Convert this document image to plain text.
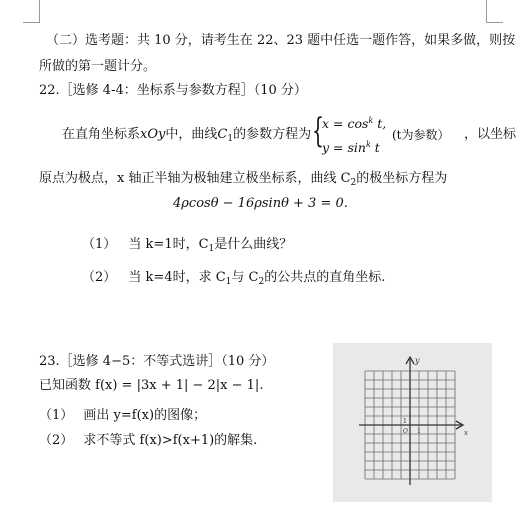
（二）选考题：共 10 分，请考生在 22、23 题中任选一题作答，如果多做，则按
所做的第一题计分。
22.［选修 4-4：坐标系与参数方程］（10 分）
在直角坐标系xOy中，曲线$C_1$的参数方程为 {
$x = \cos^k t$,
$y = \sin^k t$
(t为参数） ，以坐标
原点为极点，x 轴正半轴为极轴建立极坐标系，曲线 $C_2$的极坐标方程为
4ρcosθ − 16ρsinθ + 3 = 0.
（1） 当 k=1时，$C_1$是什么曲线？
（2） 当 k=4时，求 $C_1$与 $C_2$的公共点的直角坐标.
23.［选修 4−5：不等式选讲］（10 分）
已知函数 f(x) = |3x + 1| − 2|x − 1|.
（1） 画出 y=f(x)的图像；
（2） 求不等式 f(x)>f(x+1)的解集.
y
x
1
O 1
